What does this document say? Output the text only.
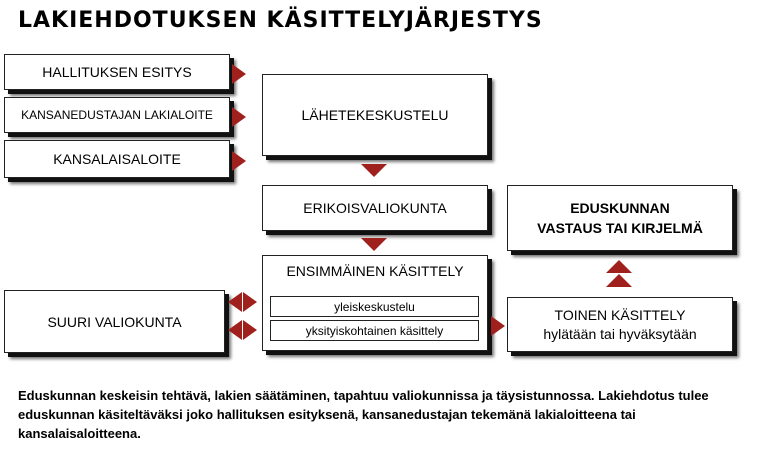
LAKIEHDOTUKSEN KÄSITTELYJÄRJESTYS
HALLITUKSEN ESITYS
KANSANEDUSTAJAN LAKIALOITE
KANSALAISALOITE
LÄHETEKESKUSTELU
ERIKOISVALIOKUNTA
ENSIMMÄINEN KÄSITTELY
yleiskeskustelu
yksityiskohtainen käsittely
SUURI VALIOKUNTA	TOINEN KÄSITTELY
hylätään tai hyväksytään
EDUSKUNNAN
VASTAUS TAI KIRJELMÄ
Eduskunnan keskeisin tehtävä, lakien säätäminen, tapahtuu valiokunnissa ja täysistunnossa. Lakiehdotus tulee eduskunnan käsiteltäväksi joko hallituksen esityksenä, kansanedustajan tekemänä lakialoitteena tai kansalaisaloitteena.
